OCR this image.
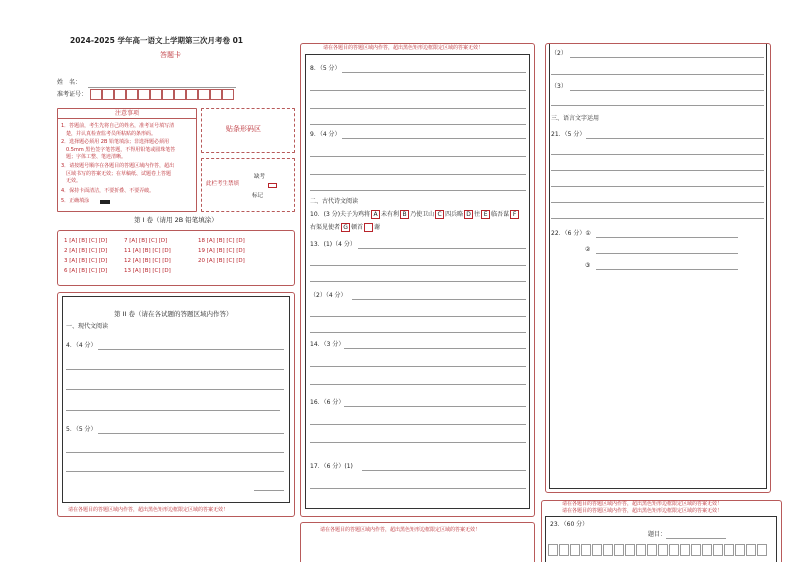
2024-2025 学年高一语文上学期第三次月考卷 01
答题卡
姓　名：
准考证号：
注意事项
1．答题前，考生先将自己的姓名，准考证号填写清
　楚，并认真检查监考员所粘贴的条形码。
2．选择题必须用 2B 铅笔填涂；非选择题必须用
　0.5mm 黑色签字笔答题，不得用铅笔或圆珠笔答
　题；字体工整、笔迹清晰。
3．请按题号顺序在各题目的答题区域内作答，超出
　区域书写的答案无效；在草稿纸、试题卷上答题
　无效。
4．保持卡面清洁，不要折叠、不要弄破。
5．正确填涂
贴条形码区
此栏考生禁填
缺考
标记
第 I 卷（请用 2B 铅笔填涂）
1 [A] [B] [C] [D]	7 [A] [B] [C] [D]	18 [A] [B] [C] [D]
2 [A] [B] [C] [D]	11 [A] [B] [C] [D]	19 [A] [B] [C] [D]
3 [A] [B] [C] [D]	12 [A] [B] [C] [D]	20 [A] [B] [C] [D]
6 [A] [B] [C] [D]	13 [A] [B] [C] [D]
第 II 卷（请在各试题的答题区域内作答）
一、现代文阅读
4．（4 分）
5．（5 分）
请在各题目的答题区域内作答，超出黑色矩形边框限定区域的答案无效！
请在各题目的答题区域内作答，超出黑色矩形边框限定区域的答案无效！
8．（5 分）
9．（4 分）
二、古代诗文阅读
10．(3 分)夫子为鸡将 A 未有利 B 乃使卫山 C 四兵略 D 往 E 临吾谋 F
右渠见使者 G 顿首 谢
13．(1)（4 分）
（2）（4 分）
14．（3 分）
16．（6 分）
17．（6 分）(1)
请在各题目的答题区域内作答，超出黑色矩形边框限定区域的答案无效！
（2）
（3）
三、语言文字运用
21．（5 分）
22．（6 分）①
②
③
请在各题目的答题区域内作答，超出黑色矩形边框限定区域的答案无效！
请在各题目的答题区域内作答，超出黑色矩形边框限定区域的答案无效！
23．（60 分）
题目：
